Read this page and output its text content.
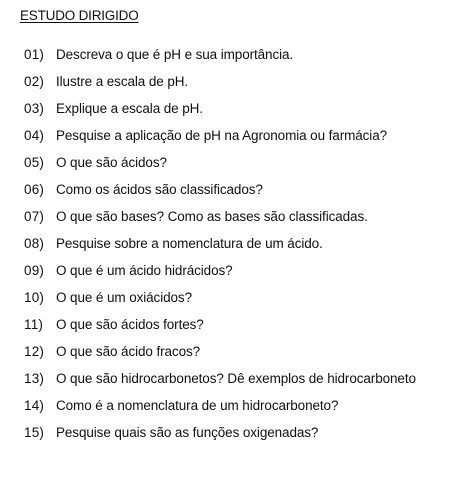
ESTUDO DIRIGIDO
01) Descreva o que é pH e sua importância.
02) Ilustre a escala de pH.
03) Explique a escala de pH.
04) Pesquise a aplicação de pH na Agronomia ou farmácia?
05) O que são ácidos?
06) Como os ácidos são classificados?
07) O que são bases? Como as bases são classificadas.
08) Pesquise sobre a nomenclatura de um ácido.
09) O que é um ácido hidrácidos?
10) O que é um oxiácidos?
11) O que são ácidos fortes?
12) O que são ácido fracos?
13) O que são hidrocarbonetos? Dê exemplos de hidrocarboneto
14) Como é a nomenclatura de um hidrocarboneto?
15) Pesquise quais são as funções oxigenadas?
